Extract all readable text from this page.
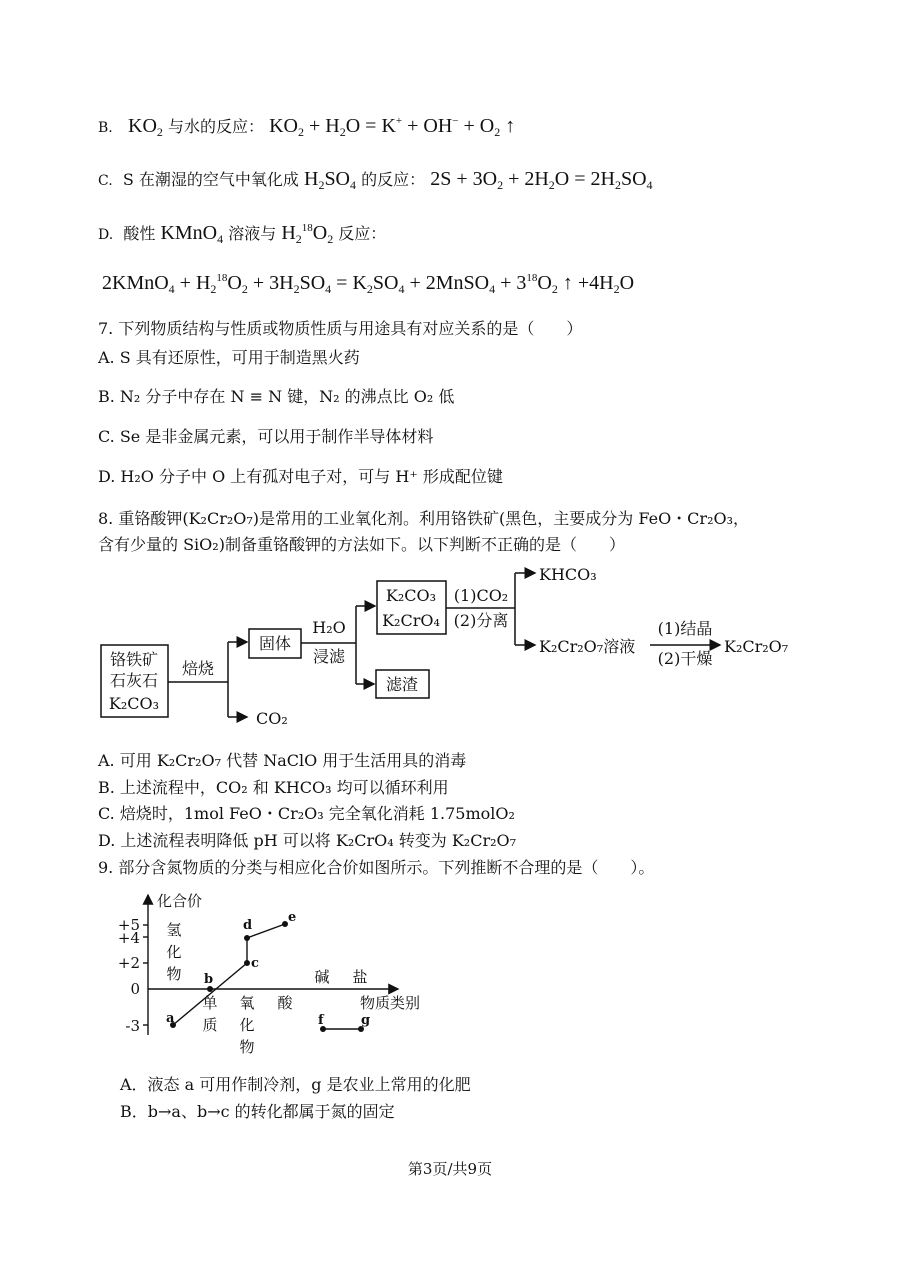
B. $KO_2$ 与水的反应： $KO_2 + H_2O = K^+ + OH^- + O_2$ ↑
C.  S 在潮湿的空气中氧化成 $H_2SO_4$ 的反应： $2S + 3O_2 + 2H_2O = 2H_2SO_4$
D.  酸性 KMnO$_4$ 溶液与 $H_2^{18}O_2$ 反应：
2KMnO$_4$ + $H_2^{18}O_2 + 3H_2SO_4 = K_2SO_4$ + 2MnSO$_4$ + $3^{18}O_2$ ↑ $+4H_2O$
7. 下列物质结构与性质或物质性质与用途具有对应关系的是（　　）
A. S 具有还原性，可用于制造黑火药
B. N₂ 分子中存在 N ≡ N 键，N₂ 的沸点比 O₂ 低
C. Se 是非金属元素，可以用于制作半导体材料
D. H₂O 分子中 O 上有孤对电子对，可与 H⁺ 形成配位键
8. 重铬酸钾(K₂Cr₂O₇)是常用的工业氧化剂。利用铬铁矿(黑色，主要成分为 FeO・Cr₂O₃，
含有少量的 SiO₂)制备重铬酸钾的方法如下。以下判断不正确的是（　　）
铬铁矿
石灰石
K₂CO₃
焙烧
固体
CO₂
H₂O
浸滤
滤渣
K₂CO₃
K₂CrO₄
(1)CO₂
(2)分离
KHCO₃
K₂Cr₂O₇溶液
(1)结晶
(2)干燥
K₂Cr₂O₇
A. 可用 K₂Cr₂O₇ 代替 NaClO 用于生活用具的消毒
B. 上述流程中，CO₂ 和 KHCO₃ 均可以循环利用
C. 焙烧时，1mol FeO・Cr₂O₃ 完全氧化消耗 1.75molO₂
D. 上述流程表明降低 pH 可以将 K₂CrO₄ 转变为 K₂Cr₂O₇
9. 部分含氮物质的分类与相应化合价如图所示。下列推断不合理的是（　　）。
化合价
物质类别
+5
+4
+2
0
-3
氢
化
物
单
质
氧
化
物
酸
碱 盐
a
b
c
d
e
f	g
A．液态 a 可用作制冷剂，g 是农业上常用的化肥
B．b→a、b→c 的转化都属于氮的固定
第3页/共9页
